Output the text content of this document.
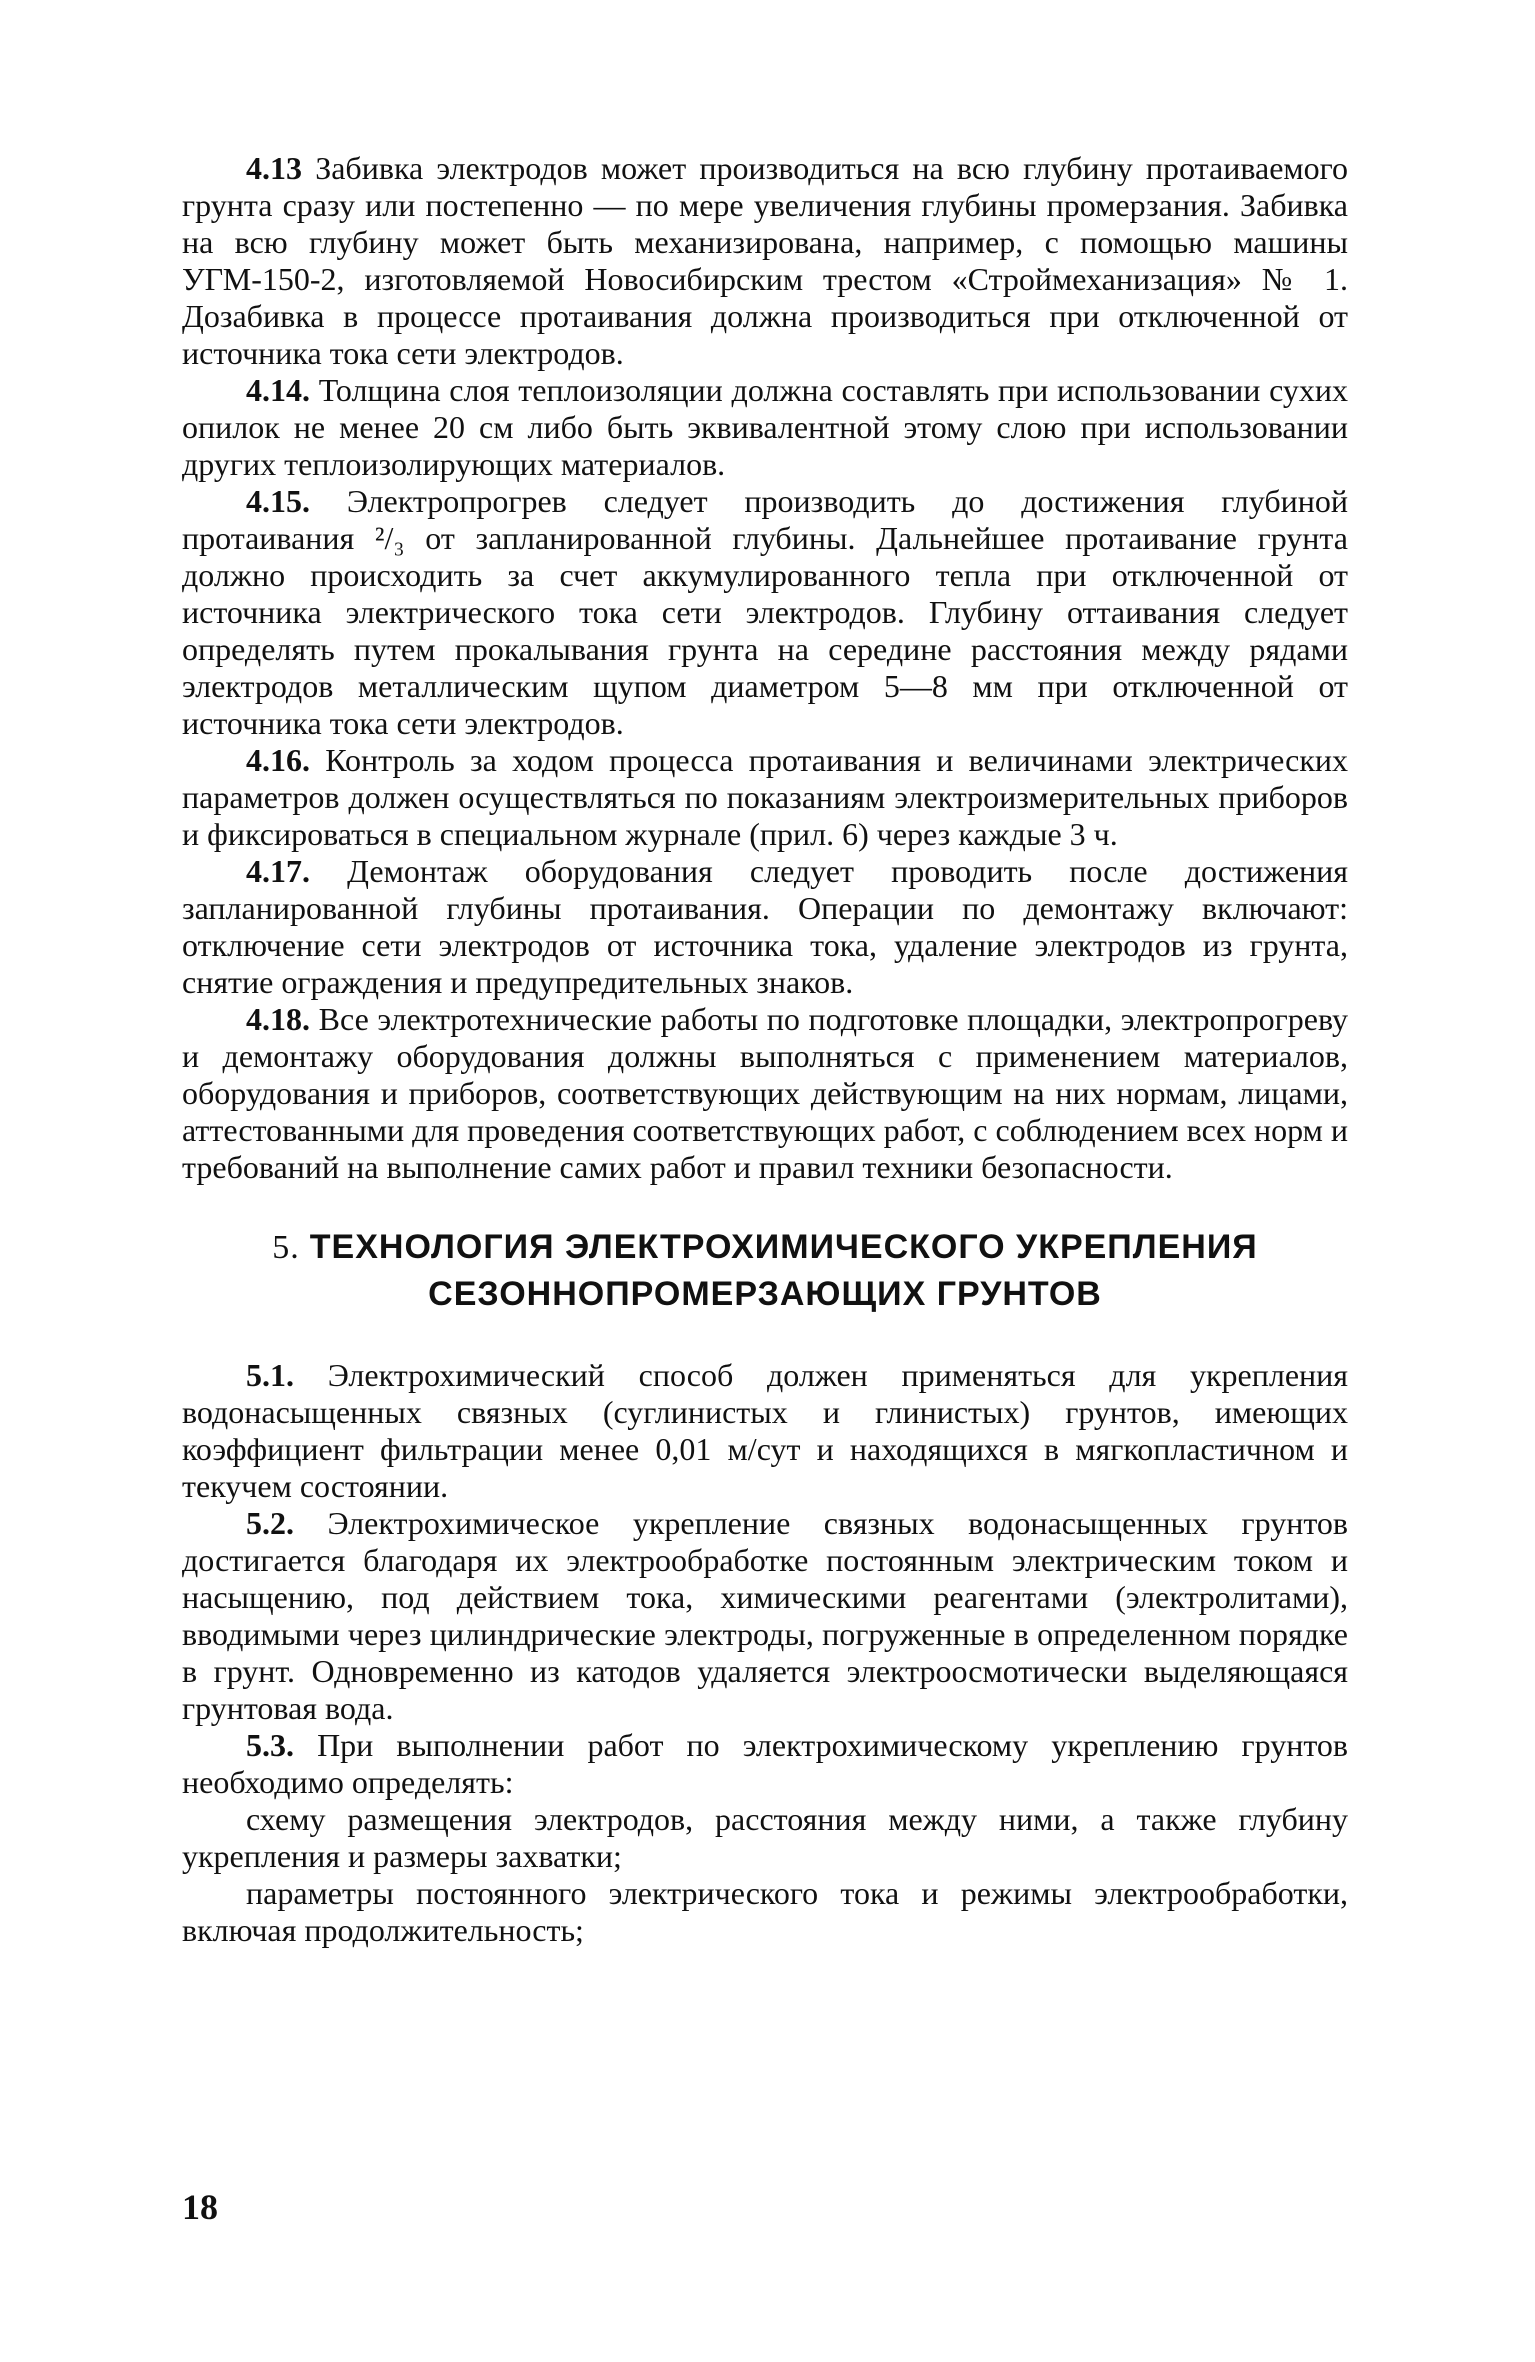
4.13 Забивка электродов может производиться на всю глубину протаиваемого грунта сразу или постепенно — по мере увеличения глубины промерзания. Забивка на всю глубину может быть механизирована, например, с помощью машины УГМ-150-2, изготовляемой Новосибирским трестом «Строймеханизация» № 1. Дозабивка в процессе протаивания должна производиться при отключенной от источника тока сети электродов.

4.14. Толщина слоя теплоизоляции должна составлять при использовании сухих опилок не менее 20 см либо быть эквивалентной этому слою при использовании других теплоизолирующих материалов.

4.15. Электропрогрев следует производить до достижения глубиной протаивания ²/₃ от запланированной глубины. Дальнейшее протаивание грунта должно происходить за счет аккумулированного тепла при отключенной от источника электрического тока сети электродов. Глубину оттаивания следует определять путем прокалывания грунта на середине расстояния между рядами электродов металлическим щупом диаметром 5—8 мм при отключенной от источника тока сети электродов.

4.16. Контроль за ходом процесса протаивания и величинами электрических параметров должен осуществляться по показаниям электроизмерительных приборов и фиксироваться в специальном журнале (прил. 6) через каждые 3 ч.

4.17. Демонтаж оборудования следует проводить после достижения запланированной глубины протаивания. Операции по демонтажу включают: отключение сети электродов от источника тока, удаление электродов из грунта, снятие ограждения и предупредительных знаков.

4.18. Все электротехнические работы по подготовке площадки, электропрогреву и демонтажу оборудования должны выполняться с применением материалов, оборудования и приборов, соответствующих действующим на них нормам, лицами, аттестованными для проведения соответствующих работ, с соблюдением всех норм и требований на выполнение самих работ и правил техники безопасности.

5. ТЕХНОЛОГИЯ ЭЛЕКТРОХИМИЧЕСКОГО УКРЕПЛЕНИЯ
СЕЗОННОПРОМЕРЗАЮЩИХ ГРУНТОВ

5.1. Электрохимический способ должен применяться для укрепления водонасыщенных связных (суглинистых и глинистых) грунтов, имеющих коэффициент фильтрации менее 0,01 м/сут и находящихся в мягкопластичном и текучем состоянии.

5.2. Электрохимическое укрепление связных водонасыщенных грунтов достигается благодаря их электрообработке постоянным электрическим током и насыщению, под действием тока, химическими реагентами (электролитами), вводимыми через цилиндрические электроды, погруженные в определенном порядке в грунт. Одновременно из катодов удаляется электроосмотически выделяющаяся грунтовая вода.

5.3. При выполнении работ по электрохимическому укреплению грунтов необходимо определять:

схему размещения электродов, расстояния между ними, а также глубину укрепления и размеры захватки;

параметры постоянного электрического тока и режимы электрообработки, включая продолжительность;

18
